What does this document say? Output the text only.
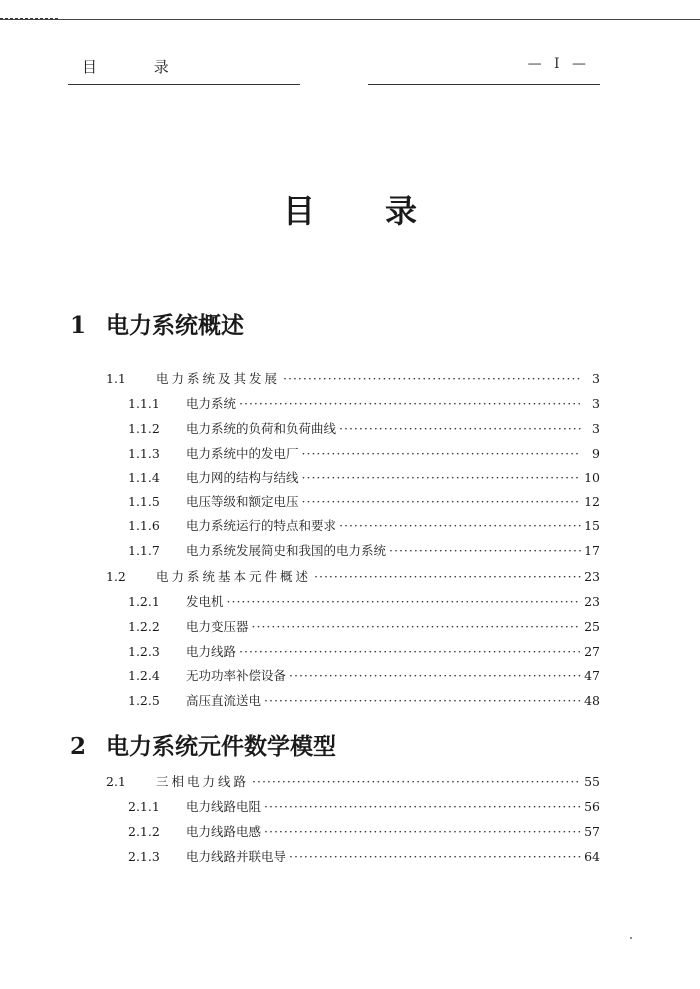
目 录	— I —
目录
1 电力系统概述
2 电力系统元件数学模型
1.1	电力系统及其发展 ·····	3
1.1.1	电力系统 ·····	3
1.1.2	电力系统的负荷和负荷曲线 ·····	3
1.1.3	电力系统中的发电厂 ·····	9
1.1.4	电力网的结构与结线 ·····	10
1.1.5	电压等级和额定电压 ·····	12
1.1.6	电力系统运行的特点和要求 ·····	15
1.1.7	电力系统发展简史和我国的电力系统 ·····	17
1.2	电力系统基本元件概述 ·····	23
1.2.1	发电机 ·····	23
1.2.2	电力变压器 ·····	25
1.2.3	电力线路 ·····	27
1.2.4	无功功率补偿设备 ·····	47
1.2.5	高压直流送电 ·····	48
2.1	三相电力线路 ·····	55
2.1.1	电力线路电阻 ·····	56
2.1.2	电力线路电感 ·····	57
2.1.3	电力线路并联电导 ·····	64
